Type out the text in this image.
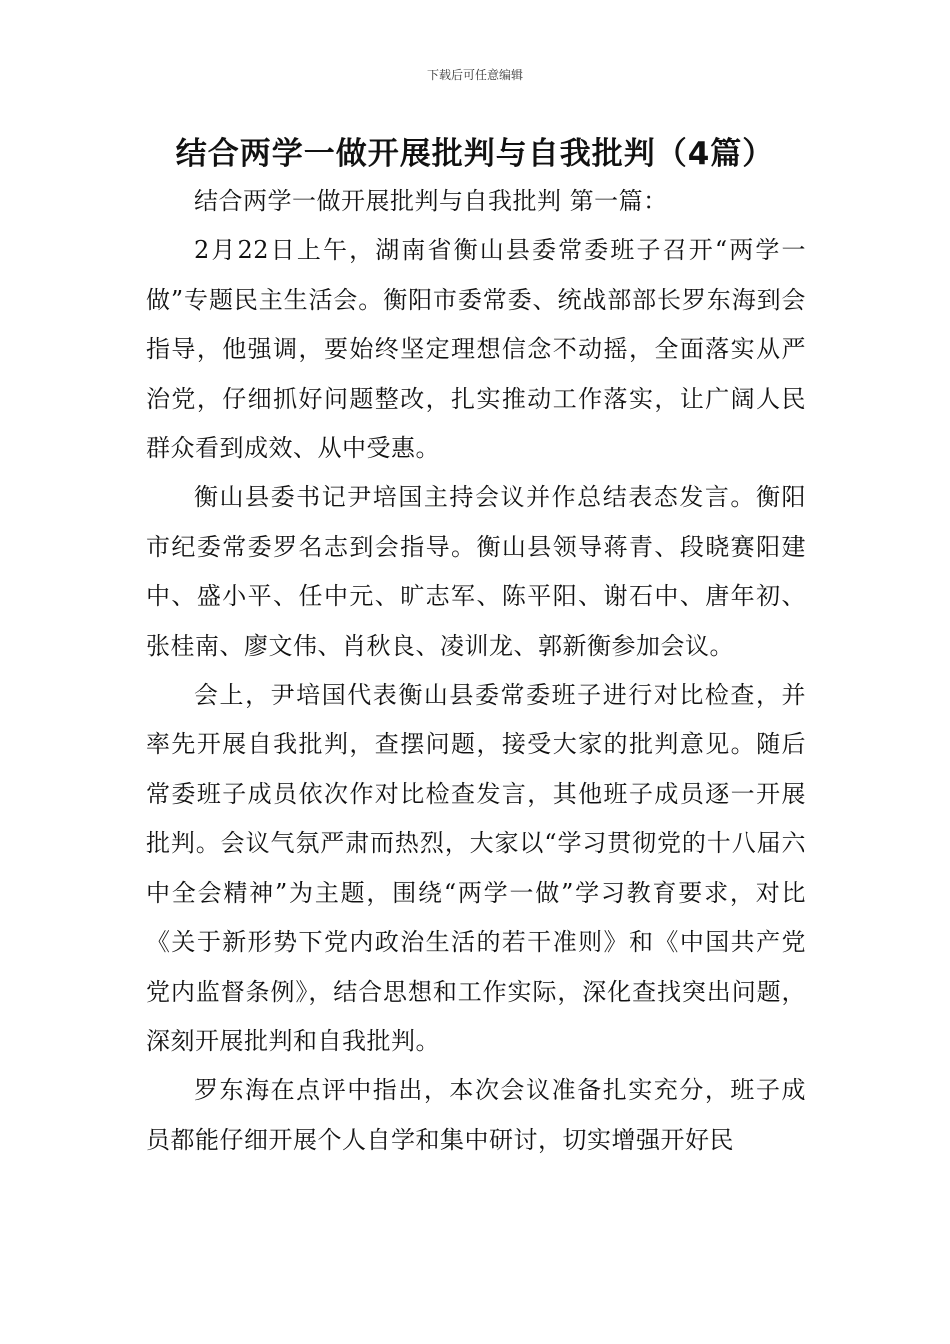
下载后可任意编辑
结合两学一做开展批判与自我批判（4篇）

结合两学一做开展批判与自我批判 第一篇：

2月22日上午，湖南省衡山县委常委班子召开“两学一做”专题民主生活会。衡阳市委常委、统战部部长罗东海到会指导，他强调，要始终坚定理想信念不动摇，全面落实从严治党，仔细抓好问题整改，扎实推动工作落实，让广阔人民群众看到成效、从中受惠。

衡山县委书记尹培国主持会议并作总结表态发言。衡阳市纪委常委罗名志到会指导。衡山县领导蒋青、段晓赛阳建中、盛小平、任中元、旷志军、陈平阳、谢石中、唐年初、张桂南、廖文伟、肖秋良、凌训龙、郭新衡参加会议。

会上，尹培国代表衡山县委常委班子进行对比检查，并率先开展自我批判，查摆问题，接受大家的批判意见。随后常委班子成员依次作对比检查发言，其他班子成员逐一开展批判。会议气氛严肃而热烈，大家以“学习贯彻党的十八届六中全会精神”为主题，围绕“两学一做”学习教育要求，对比《关于新形势下党内政治生活的若干准则》和《中国共产党党内监督条例》，结合思想和工作实际，深化查找突出问题，深刻开展批判和自我批判。

罗东海在点评中指出，本次会议准备扎实充分，班子成员都能仔细开展个人自学和集中研讨，切实增强开好民
